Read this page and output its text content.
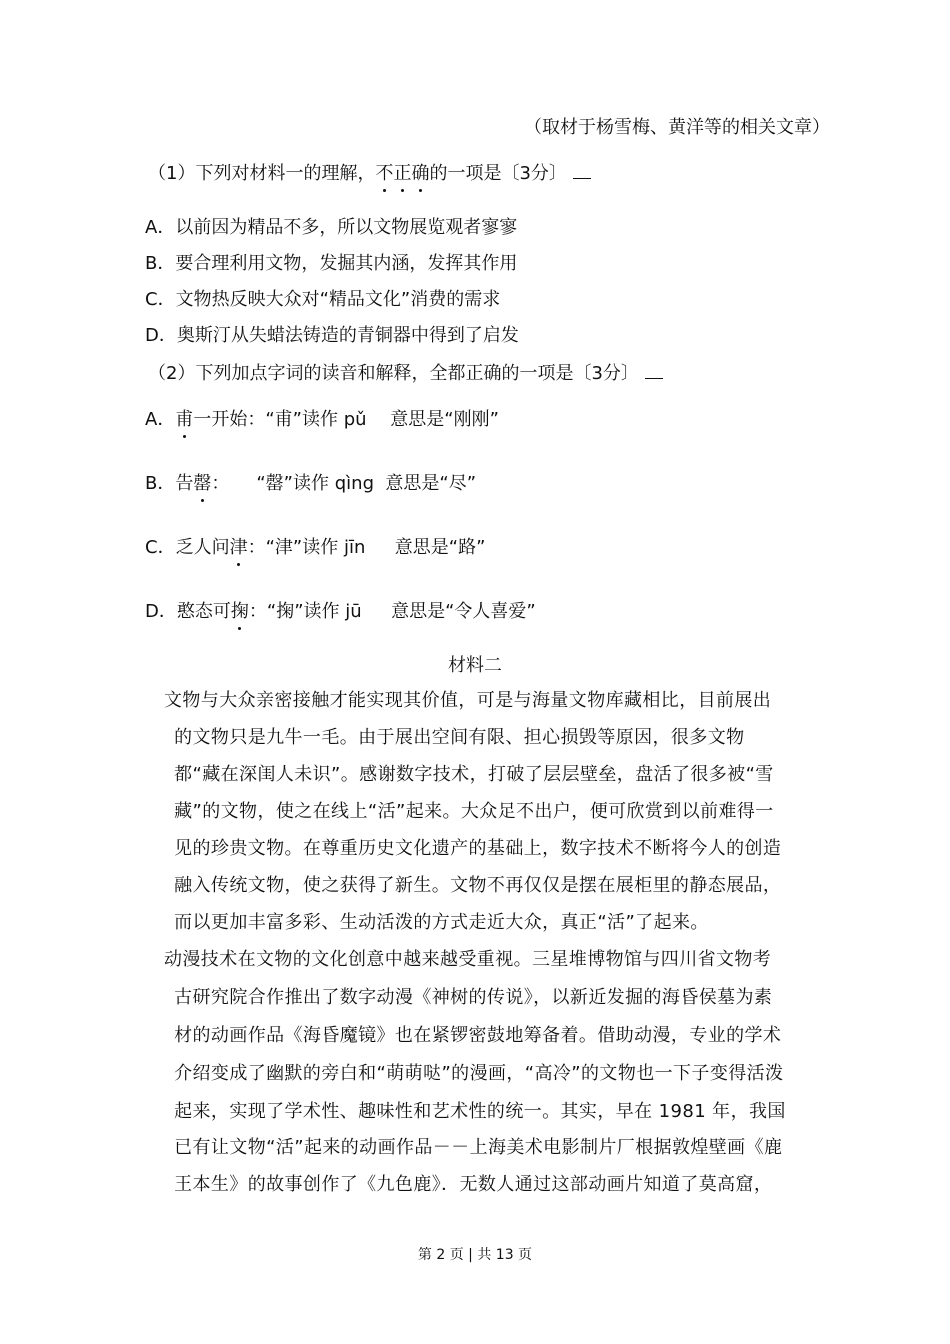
（取材于杨雪梅、黄洋等的相关文章）
（1）下列对材料一的理解，不正确的一项是〔3分〕
A．以前因为精品不多，所以文物展览观者寥寥
B．要合理利用文物，发掘其内涵，发挥其作用
C．文物热反映大众对“精品文化”消费的需求
D．奥斯汀从失蜡法铸造的青铜器中得到了启发
（2）下列加点字词的读音和解释，全都正确的一项是〔3分〕
A．甫一开始：“甫”读作 pǔ　 意思是“刚刚”
B．告罄：　　“罄”读作 qìng  意思是“尽”
C．乏人问津：“津”读作 jīn　  意思是“路”
D．憨态可掬：“掬”读作 jū　  意思是“令人喜爱”
材料二
文物与大众亲密接触才能实现其价值，可是与海量文物库藏相比，目前展出
的文物只是九牛一毛。由于展出空间有限、担心损毁等原因，很多文物
都“藏在深闺人未识”。感谢数字技术，打破了层层壁垒，盘活了很多被“雪
藏”的文物，使之在线上“活”起来。大众足不出户，便可欣赏到以前难得一
见的珍贵文物。在尊重历史文化遗产的基础上，数字技术不断将今人的创造
融入传统文物，使之获得了新生。文物不再仅仅是摆在展柜里的静态展品，
而以更加丰富多彩、生动活泼的方式走近大众，真正“活”了起来。
动漫技术在文物的文化创意中越来越受重视。三星堆博物馆与四川省文物考
古研究院合作推出了数字动漫《神树的传说》，以新近发掘的海昏侯墓为素
材的动画作品《海昏魔镜》也在紧锣密鼓地筹备着。借助动漫，专业的学术
介绍变成了幽默的旁白和“萌萌哒”的漫画，“高冷”的文物也一下子变得活泼
起来，实现了学术性、趣味性和艺术性的统一。其实，早在 1981 年，我国
已有让文物“活”起来的动画作品－－上海美术电影制片厂根据敦煌壁画《鹿
王本生》的故事创作了《九色鹿》．无数人通过这部动画片知道了莫高窟，
第 2 页 | 共 13 页
